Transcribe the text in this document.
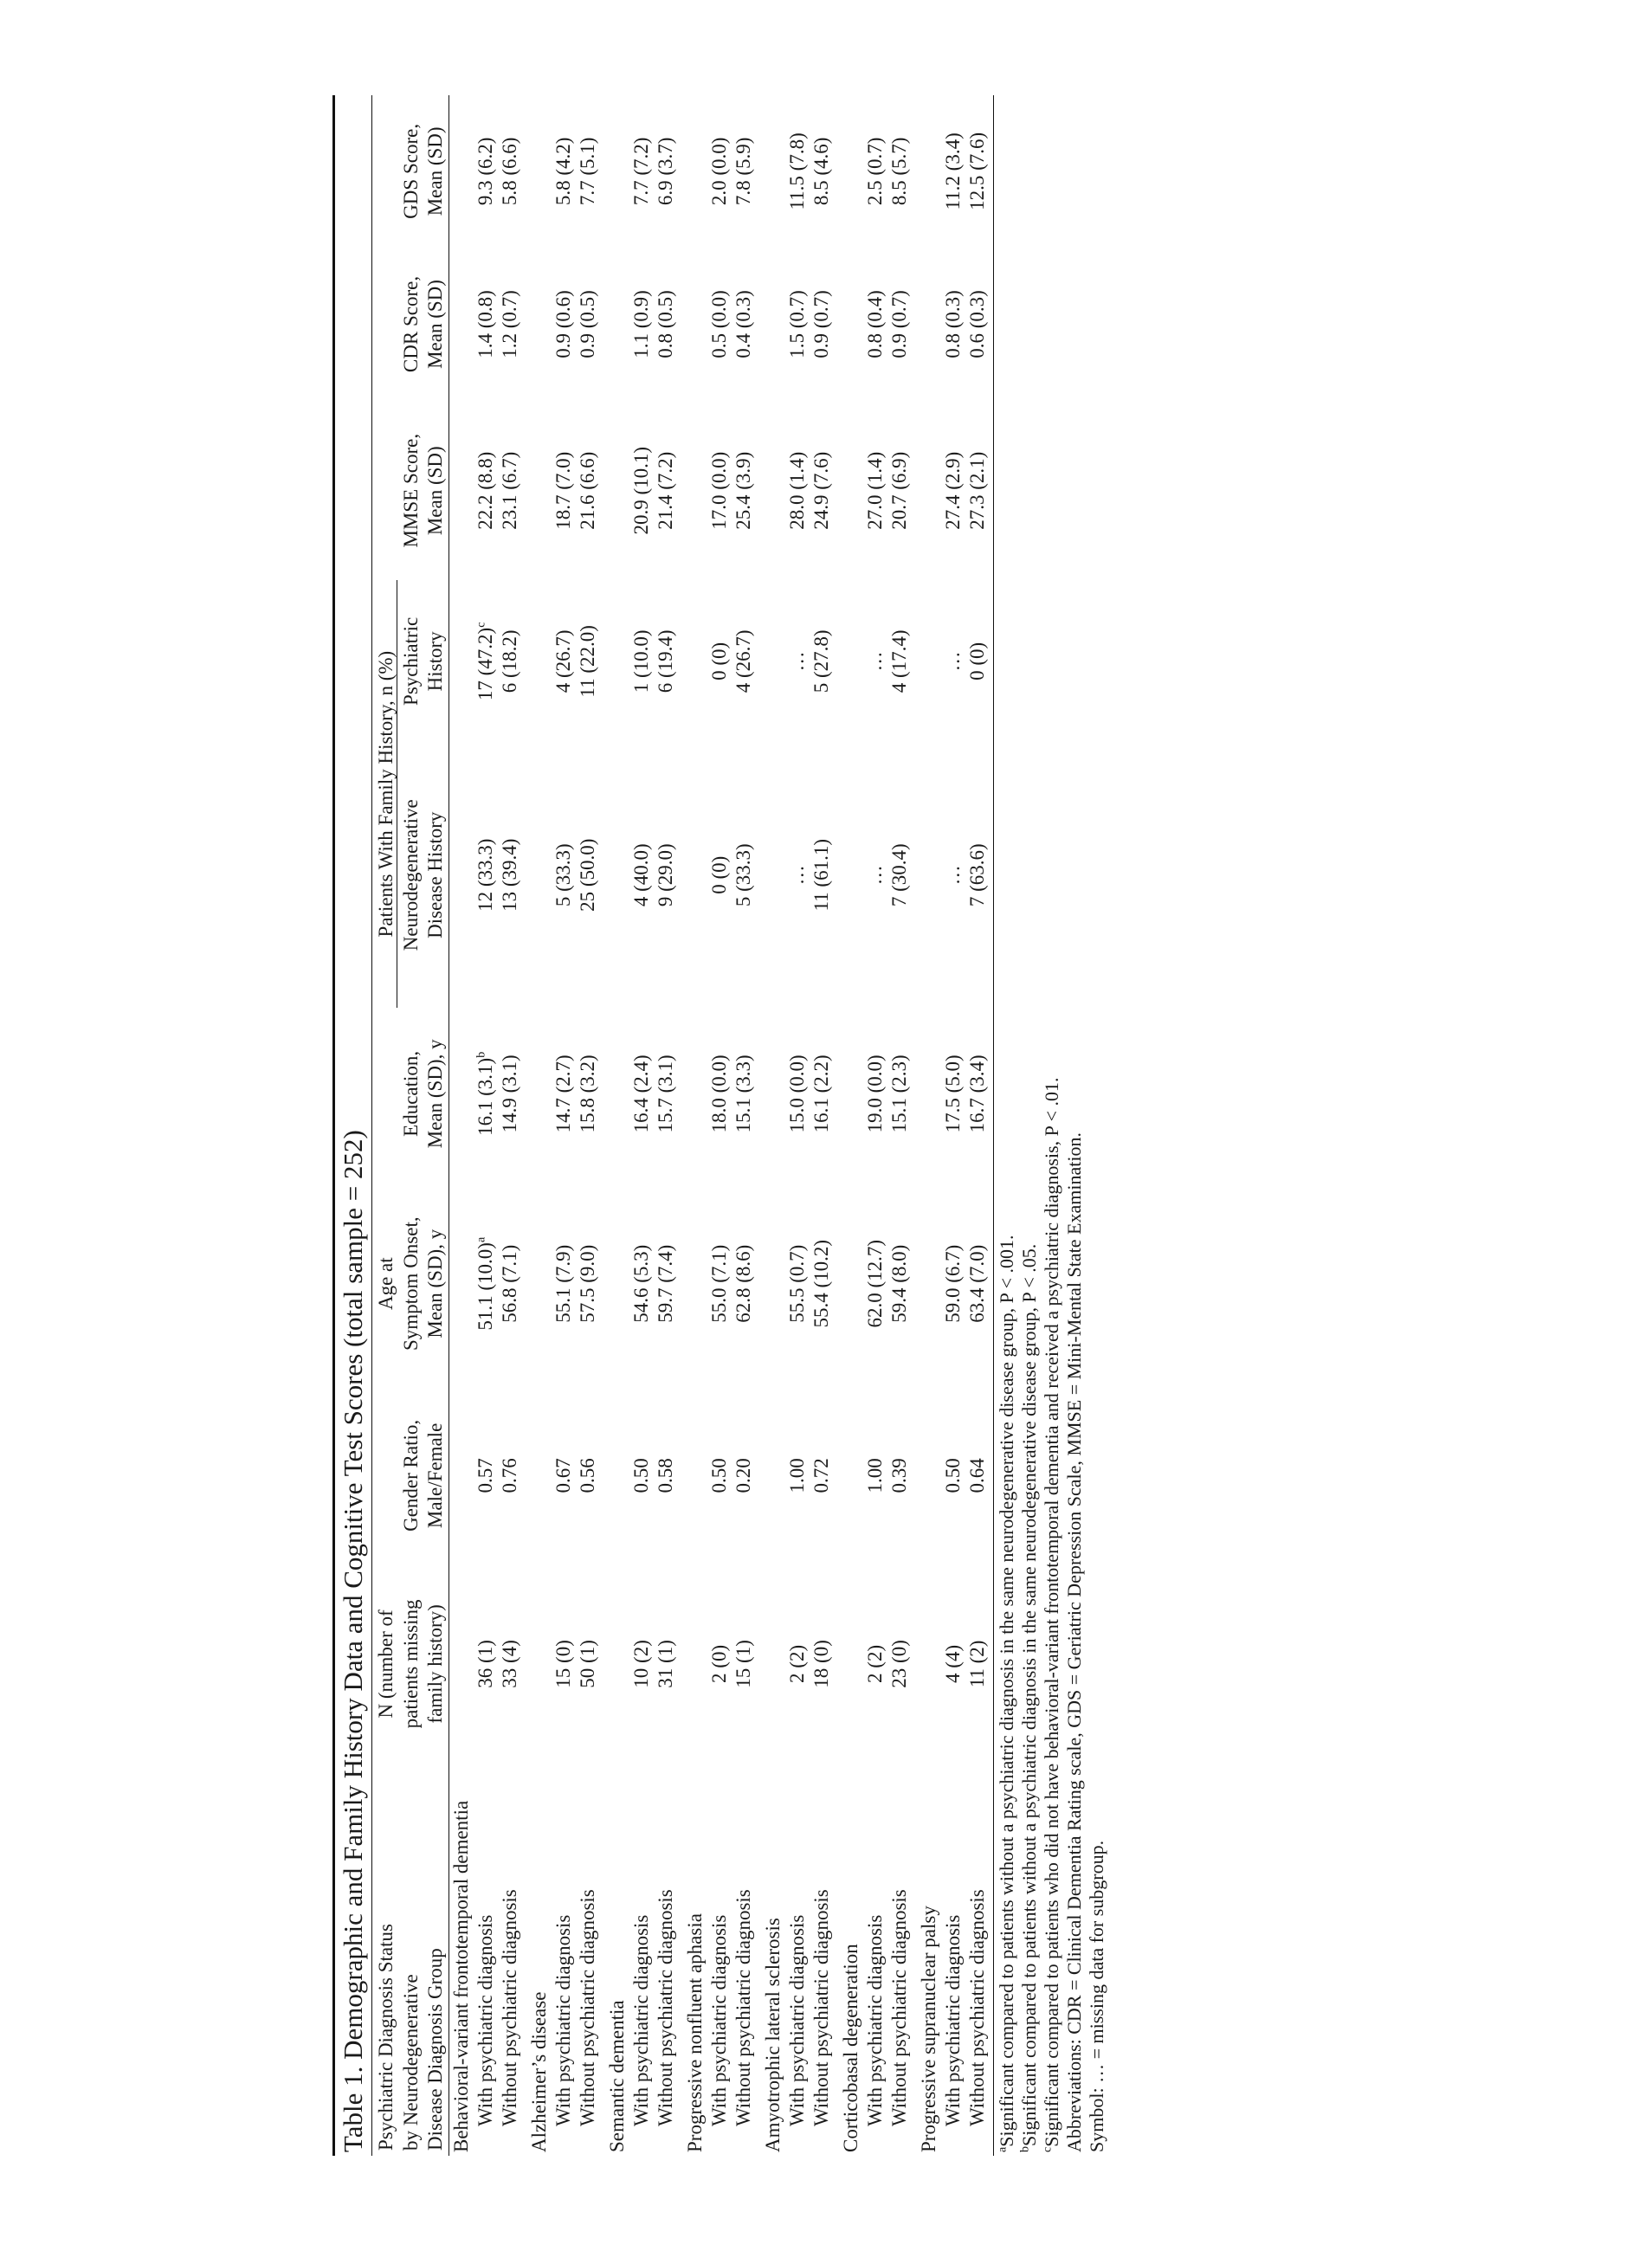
Table 1. Demographic and Family History Data and Cognitive Test Scores (total sample = 252) Psychiatric Diagnosis Status	N (number of		Age at		Patients With Family History, n (%)				
by Neurodegenerative	patients missing	Gender Ratio,	Symptom Onset,	Education,	Neurodegenerative	Psychiatric	MMSE Score,	CDR Score,	GDS Score,
Disease Diagnosis Group	family history)	Male/Female	Mean (SD), y	Mean (SD), y	Disease History	History	Mean (SD)	Mean (SD)	Mean (SD)
Behavioral-variant frontotemporal dementia									
With psychiatric diagnosis	36 (1)	0.57	51.1 $(10.0)^a$	16.1 $(3.1)^b$	12 (33.3)	17 $(47.2)^c$	22.2 (8.8)	1.4 (0.8)	9.3 (6.2)
Without psychiatric diagnosis	33 (4)	0.76	56.8 (7.1)	14.9 (3.1)	13 (39.4)	6 (18.2)	23.1 (6.7)	1.2 (0.7)	5.8 (6.6)

Alzheimer’s disease									
With psychiatric diagnosis	15 (0)	0.67	55.1 (7.9)	14.7 (2.7)	5 (33.3)	4 (26.7)	18.7 (7.0)	0.9 (0.6)	5.8 (4.2)
Without psychiatric diagnosis	50 (1)	0.56	57.5 (9.0)	15.8 (3.2)	25 (50.0)	11 (22.0)	21.6 (6.6)	0.9 (0.5)	7.7 (5.1)

Semantic dementia									
With psychiatric diagnosis	10 (2)	0.50	54.6 (5.3)	16.4 (2.4)	4 (40.0)	1 (10.0)	20.9 (10.1)	1.1 (0.9)	7.7 (7.2)
Without psychiatric diagnosis	31 (1)	0.58	59.7 (7.4)	15.7 (3.1)	9 (29.0)	6 (19.4)	21.4 (7.2)	0.8 (0.5)	6.9 (3.7)

Progressive nonfluent aphasia									
With psychiatric diagnosis	2 (0)	0.50	55.0 (7.1)	18.0 (0.0)	0 (0)	0 (0)	17.0 (0.0)	0.5 (0.0)	2.0 (0.0)
Without psychiatric diagnosis	15 (1)	0.20	62.8 (8.6)	15.1 (3.3)	5 (33.3)	4 (26.7)	25.4 (3.9)	0.4 (0.3)	7.8 (5.9)

Amyotrophic lateral sclerosis									
With psychiatric diagnosis	2 (2)	1.00	55.5 (0.7)	15.0 (0.0)	…	…	28.0 (1.4)	1.5 (0.7)	11.5 (7.8)
Without psychiatric diagnosis	18 (0)	0.72	55.4 (10.2)	16.1 (2.2)	11 (61.1)	5 (27.8)	24.9 (7.6)	0.9 (0.7)	8.5 (4.6)

Corticobasal degeneration									
With psychiatric diagnosis	2 (2)	1.00	62.0 (12.7)	19.0 (0.0)	…	…	27.0 (1.4)	0.8 (0.4)	2.5 (0.7)
Without psychiatric diagnosis	23 (0)	0.39	59.4 (8.0)	15.1 (2.3)	7 (30.4)	4 (17.4)	20.7 (6.9)	0.9 (0.7)	8.5 (5.7)

Progressive supranuclear palsy									
With psychiatric diagnosis	4 (4)	0.50	59.0 (6.7)	17.5 (5.0)	…	…	27.4 (2.9)	0.8 (0.3)	11.2 (3.4)
Without psychiatric diagnosis	11 (2)	0.64	63.4 (7.0)	16.7 (3.4)	7 (63.6)	0 (0)	27.3 (2.1)	0.6 (0.3)	12.5 (7.6)
$^a$Significant compared to patients without a psychiatric diagnosis in the same neurodegenerative disease group, P < .001.
$^b$Significant compared to patients without a psychiatric diagnosis in the same neurodegenerative disease group, P < .05.
$^c$Significant compared to patients who did not have behavioral-variant frontotemporal dementia and received a psychiatric diagnosis, P < .01. Abbreviations: CDR = Clinical Dementia Rating scale, GDS = Geriatric Depression Scale, MMSE = Mini-Mental State Examination. Symbol: … = missing data for subgroup.
